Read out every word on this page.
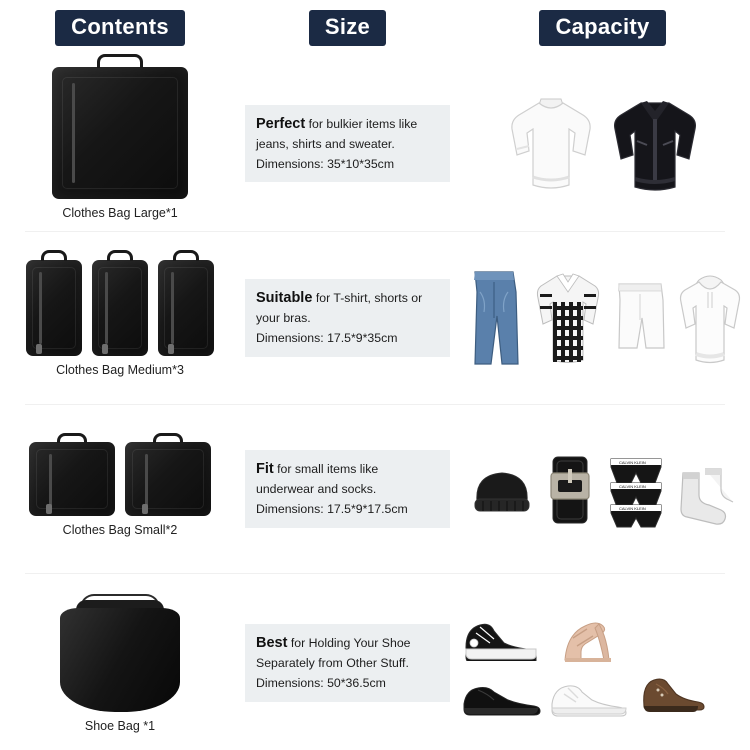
Contents	Size	Capacity
Clothes Bag Large*1
Perfect for bulkier items like jeans, shirts and sweater.
Dimensions: 35*10*35cm
Clothes Bag Medium*3
Suitable for T-shirt, shorts or your bras.
Dimensions: 17.5*9*35cm
Clothes Bag Small*2
Fit for small items like underwear and socks.
Dimensions: 17.5*9*17.5cm
CALVIN KLEIN
CALVIN KLEIN
CALVIN KLEIN
Shoe Bag *1
Best for Holding Your Shoe Separately from Other Stuff.
Dimensions: 50*36.5cm
